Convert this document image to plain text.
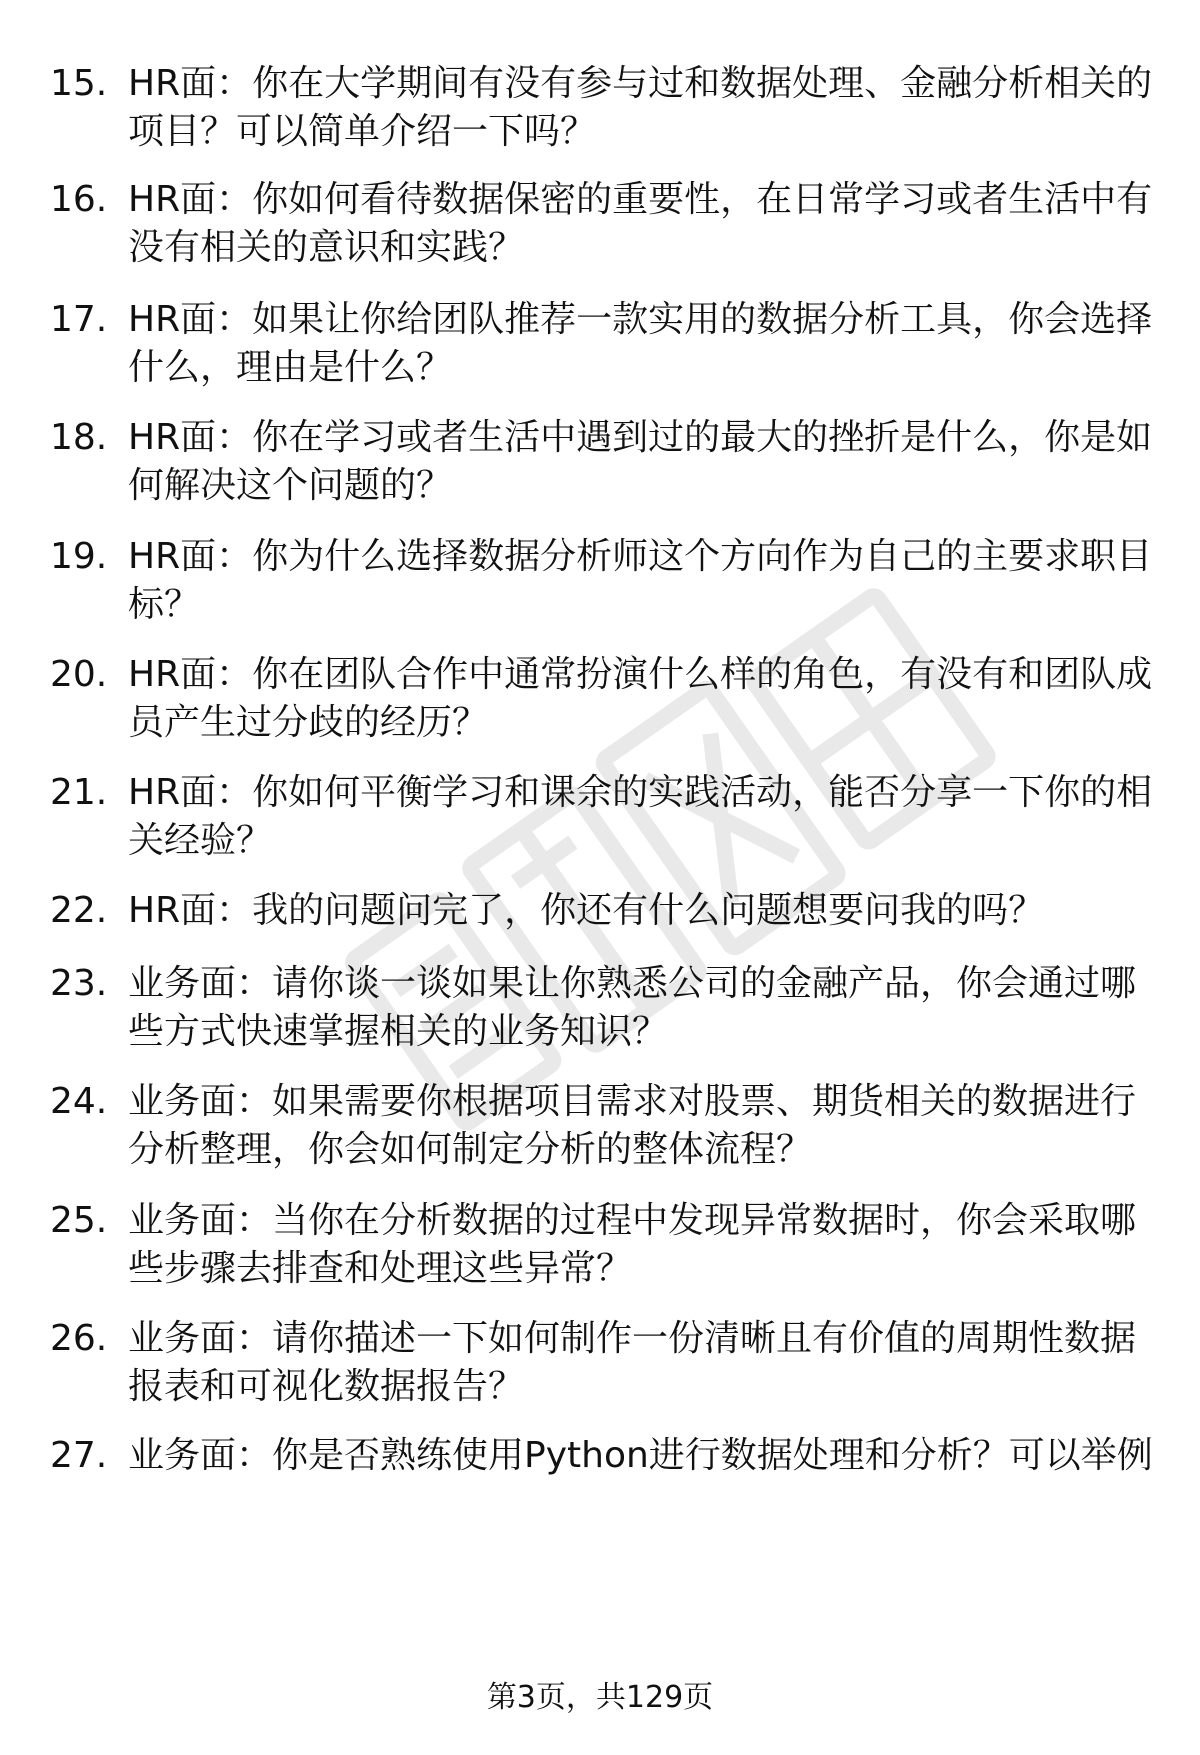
15. HR面：你在大学期间有没有参与过和数据处理、金融分析相关的项目？可以简单介绍一下吗？
16. HR面：你如何看待数据保密的重要性，在日常学习或者生活中有没有相关的意识和实践？
17. HR面：如果让你给团队推荐一款实用的数据分析工具，你会选择什么，理由是什么？
18. HR面：你在学习或者生活中遇到过的最大的挫折是什么，你是如何解决这个问题的？
19. HR面：你为什么选择数据分析师这个方向作为自己的主要求职目标？
20. HR面：你在团队合作中通常扮演什么样的角色，有没有和团队成员产生过分歧的经历？
21. HR面：你如何平衡学习和课余的实践活动，能否分享一下你的相关经验？
22. HR面：我的问题问完了，你还有什么问题想要问我的吗？
23. 业务面：请你谈一谈如果让你熟悉公司的金融产品，你会通过哪些方式快速掌握相关的业务知识？
24. 业务面：如果需要你根据项目需求对股票、期货相关的数据进行分析整理，你会如何制定分析的整体流程？
25. 业务面：当你在分析数据的过程中发现异常数据时，你会采取哪些步骤去排查和处理这些异常？
26. 业务面：请你描述一下如何制作一份清晰且有价值的周期性数据报表和可视化数据报告？
27. 业务面：你是否熟练使用Python进行数据处理和分析？可以举例
第3页，共129页
